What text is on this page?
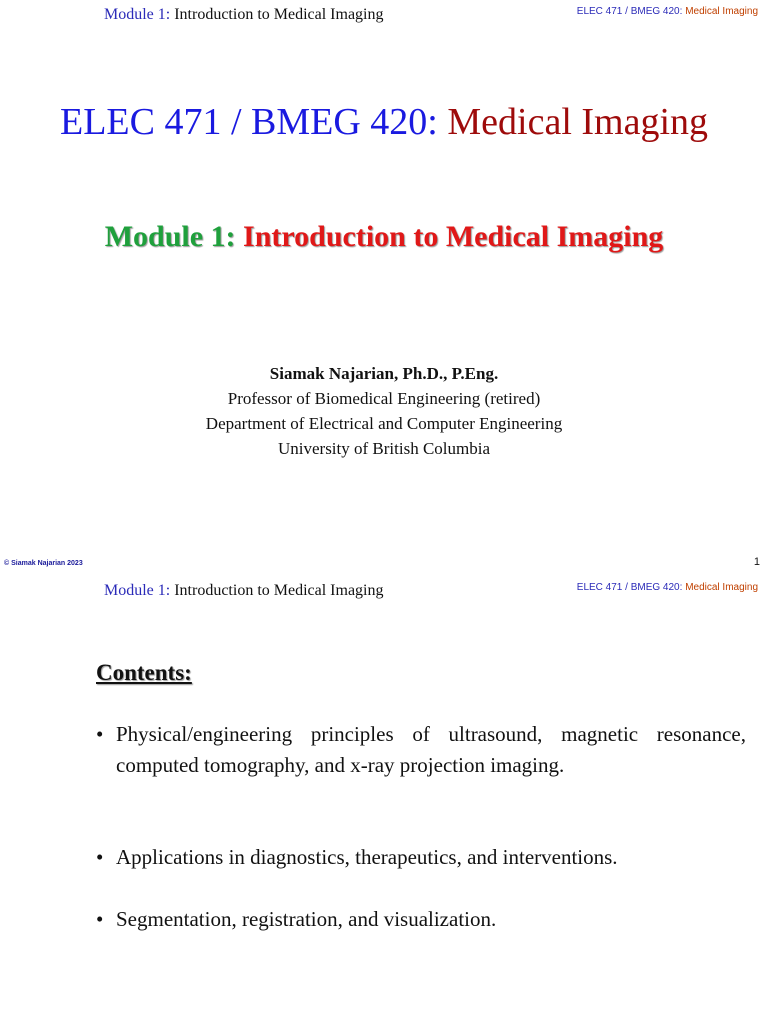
Module 1: Introduction to Medical Imaging	ELEC 471 / BMEG 420: Medical Imaging
ELEC 471 / BMEG 420: Medical Imaging
Module 1: Introduction to Medical Imaging
Siamak Najarian, Ph.D., P.Eng.
Professor of Biomedical Engineering (retired)
Department of Electrical and Computer Engineering
University of British Columbia
© Siamak Najarian 2023	1
Module 1: Introduction to Medical Imaging	ELEC 471 / BMEG 420: Medical Imaging
Contents:
• Physical/engineering principles of ultrasound, magnetic resonance, computed tomography, and x-ray projection imaging.
• Applications in diagnostics, therapeutics, and interventions.
• Segmentation, registration, and visualization.
